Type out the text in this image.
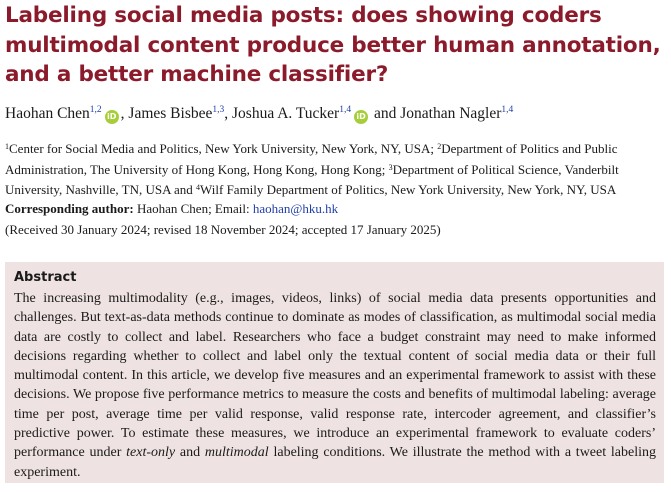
Labeling social media posts: does showing coders multimodal content produce better human annotation, and a better machine classifier?
Haohan Chen$^{1,2}$iD , James Bisbee$^{1,3}$, Joshua A. Tucker$^{1,4}$iD and Jonathan Nagler$^{1,4}$
$^1$Center for Social Media and Politics, New York University, New York, NY, USA; $^2$Department of Politics and Public Administration, The University of Hong Kong, Hong Kong, Hong Kong; $^3$Department of Political Science, Vanderbilt University, Nashville, TN, USA and $^4$Wilf Family Department of Politics, New York University, New York, NY, USA
Corresponding author: Haohan Chen; Email: haohan@hku.hk
(Received 30 January 2024; revised 18 November 2024; accepted 17 January 2025)
Abstract
The increasing multimodality (e.g., images, videos, links) of social media data presents opportunities and challenges. But text-as-data methods continue to dominate as modes of classification, as multimodal social media data are costly to collect and label. Researchers who face a budget constraint may need to make informed decisions regarding whether to collect and label only the textual content of social media data or their full multimodal content. In this article, we develop five measures and an experimental framework to assist with these decisions. We propose five performance metrics to measure the costs and benefits of multimodal labeling: average time per post, average time per valid response, valid response rate, intercoder agreement, and classifier’s predictive power. To estimate these measures, we introduce an experimental framework to evaluate coders’ performance under text-only and multimodal labeling conditions. We illustrate the method with a tweet labeling experiment.
